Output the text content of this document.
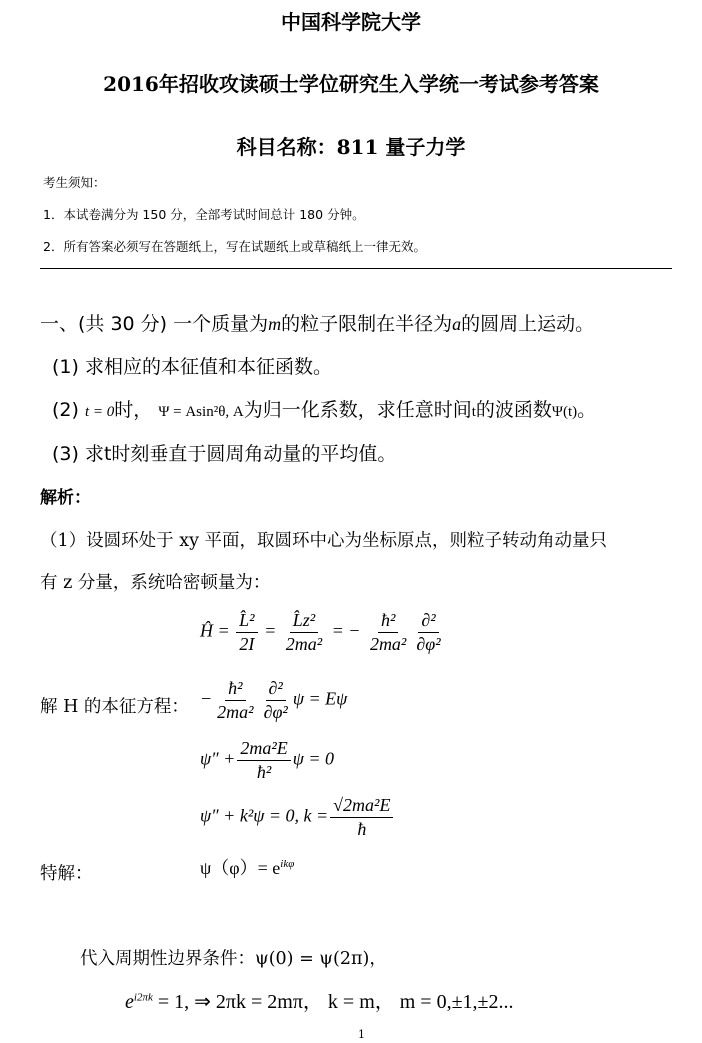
中国科学院大学
2016年招收攻读硕士学位研究生入学统一考试参考答案
科目名称：811 量子力学
考生须知：
1．本试卷满分为 150 分，全部考试时间总计 180 分钟。
2．所有答案必须写在答题纸上，写在试题纸上或草稿纸上一律无效。
一、(共 30 分) 一个质量为m的粒子限制在半径为a的圆周上运动。
(1) 求相应的本征值和本征函数。
(2) t = 0时， Ψ = Asin²θ, A为归一化系数，求任意时间t的波函数Ψ(t)。
(3) 求t时刻垂直于圆周角动量的平均值。
解析：
（1）设圆环处于 xy 平面，取圆环中心为坐标原点，则粒子转动角动量只
有 z 分量，系统哈密顿量为：
Ĥ = $\frac{\text{L̂²}}{2I} = \frac{\text{L̂z²}}{\text{2ma²}}$ = − $\frac{\text{ħ²}}{\text{2ma²}} \frac{\text{∂²}}{\text{∂φ²}}$
解 H 的本征方程： − $\frac{\text{ħ²}}{\text{2ma²}} \frac{\text{∂²}}{\text{∂φ²}}$ ψ = Eψ
$\psi'' + \frac{\text{2ma²E}}{\text{ħ²}}$ ψ = 0
ψ″ + k²ψ = 0, $k = \frac{\text{√2ma²E}}{ħ}$
特解：	$\psi(\varphi)= e^{ik\varphi}$
代入周期性边界条件：ψ(0) = ψ(2π)，
$e^{i2\pi k} = 1$, ⇒ 2πk = 2mπ， k = m， m = 0,±1,±2...
1
